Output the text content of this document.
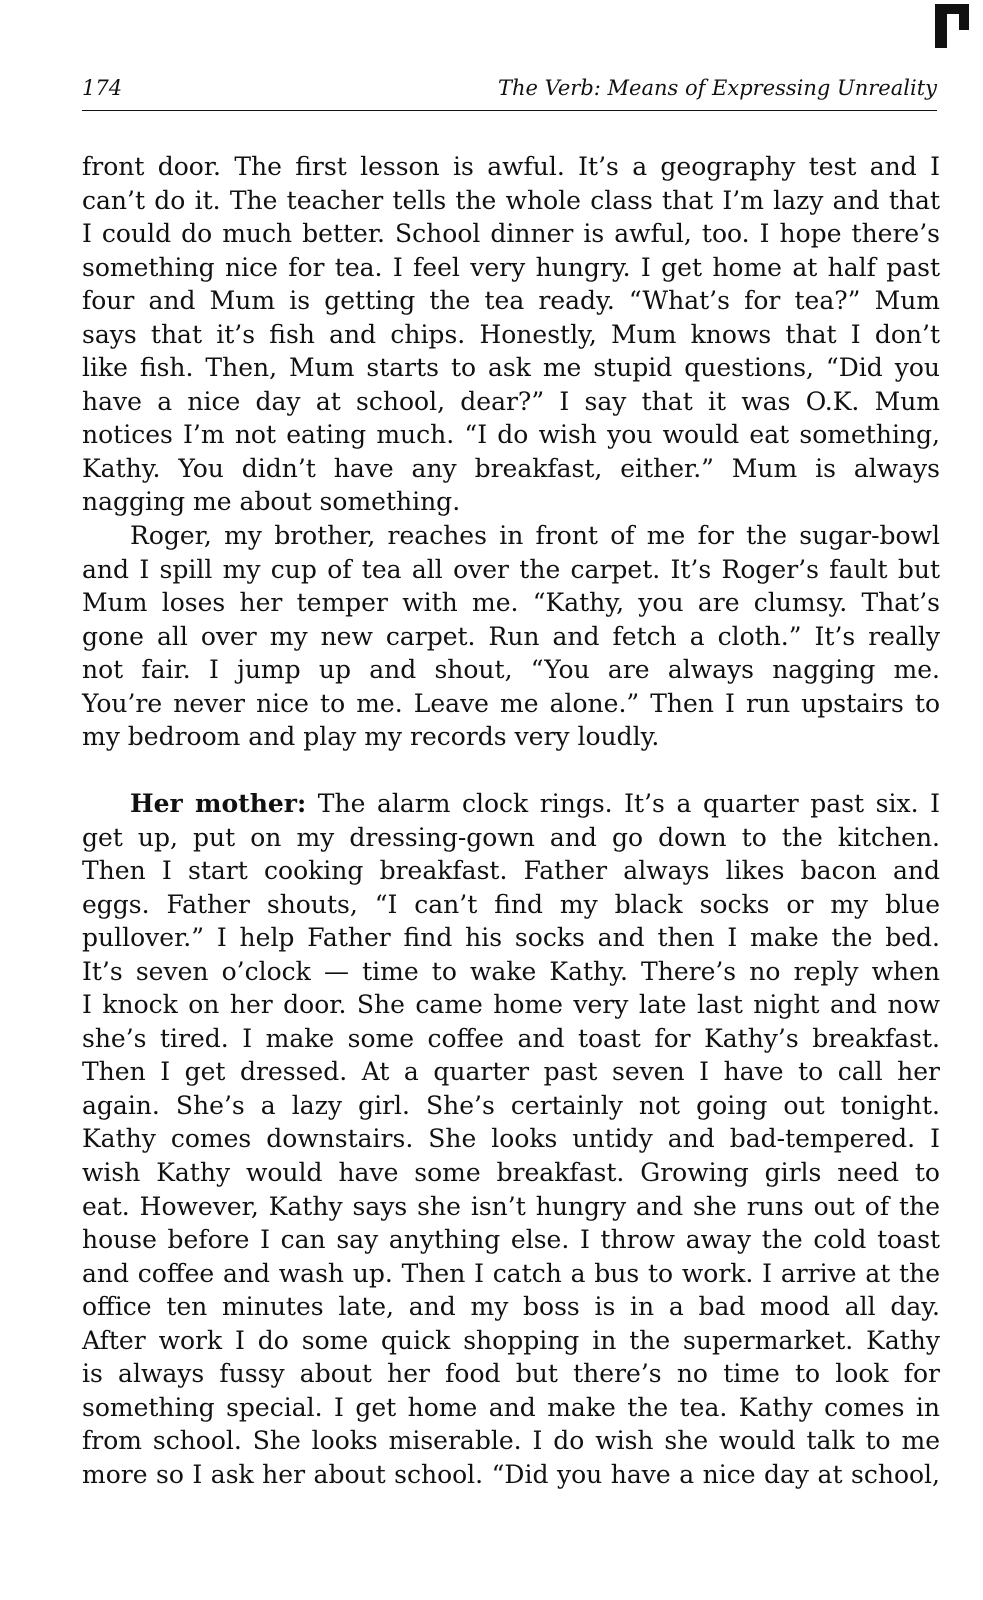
174	The Verb: Means of Expressing Unreality
front door. The first lesson is awful. It’s a geography test and I
can’t do it. The teacher tells the whole class that I’m lazy and that
I could do much better. School dinner is awful, too. I hope there’s
something nice for tea. I feel very hungry. I get home at half past
four and Mum is getting the tea ready. “What’s for tea?” Mum
says that it’s fish and chips. Honestly, Mum knows that I don’t
like fish. Then, Mum starts to ask me stupid questions, “Did you
have a nice day at school, dear?” I say that it was O.K. Mum
notices I’m not eating much. “I do wish you would eat something,
Kathy. You didn’t have any breakfast, either.” Mum is always
nagging me about something.
Roger, my brother, reaches in front of me for the sugar-bowl
and I spill my cup of tea all over the carpet. It’s Roger’s fault but
Mum loses her temper with me. “Kathy, you are clumsy. That’s
gone all over my new carpet. Run and fetch a cloth.” It’s really
not fair. I jump up and shout, “You are always nagging me.
You’re never nice to me. Leave me alone.” Then I run upstairs to
my bedroom and play my records very loudly.
Her mother: The alarm clock rings. It’s a quarter past six. I
get up, put on my dressing-gown and go down to the kitchen.
Then I start cooking breakfast. Father always likes bacon and
eggs. Father shouts, “I can’t find my black socks or my blue
pullover.” I help Father find his socks and then I make the bed.
It’s seven o’clock — time to wake Kathy. There’s no reply when
I knock on her door. She came home very late last night and now
she’s tired. I make some coffee and toast for Kathy’s breakfast.
Then I get dressed. At a quarter past seven I have to call her
again. She’s a lazy girl. She’s certainly not going out tonight.
Kathy comes downstairs. She looks untidy and bad-tempered. I
wish Kathy would have some breakfast. Growing girls need to
eat. However, Kathy says she isn’t hungry and she runs out of the
house before I can say anything else. I throw away the cold toast
and coffee and wash up. Then I catch a bus to work. I arrive at the
office ten minutes late, and my boss is in a bad mood all day.
After work I do some quick shopping in the supermarket. Kathy
is always fussy about her food but there’s no time to look for
something special. I get home and make the tea. Kathy comes in
from school. She looks miserable. I do wish she would talk to me
more so I ask her about school. “Did you have a nice day at school,
